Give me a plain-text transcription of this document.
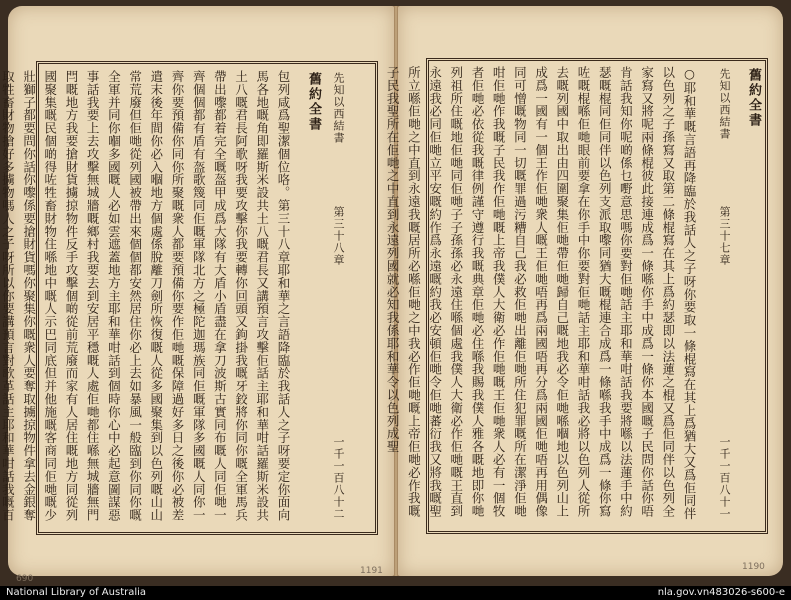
包列咸爲聖潔個位咯。第三十八章耶和華之言語降臨於我話人之子呀要定你面向馬各地嘅角即羅斯米設共土八嘅君長又講預言攻擊佢話主耶和華咁話羅斯米設共土八嘅君長阿歌呀我要攻擊你我要轉你回頭又鉤掛我嘅牙鉸將你同你嘅全軍馬兵帶出嚟都着完全嘅盔甲成爲大隊有大盾小盾盡在拿刀波斯古實同布嘅人同佢哋一齊個個都有盾有盔歌篾同佢嘅軍隊北方之極陀迦瑪族同佢嘅軍隊多國嘅人同你一齊你要預備你同你所聚嘅衆人都要預備你要作佢哋嘅保障過好多日之後你必被差遣末後年間你必入嗰地方個處係脫離刀劍所恢復嘅人從多國聚集到以色列嘅山山常荒廢但佢哋從列國被帶出來個個都安然居住你必上去如暴風一般臨到你同你嘅全軍并同你嗰多國嘅人必如雲遮蓋地方主耶和華咁話到個時你心中必起意圖謀惡事話我要上去攻擊無城牆嘅鄉村我要去到安居平穩嘅人處佢哋都住喺無城牆無門閂嘅地方我要搶財貨擄掠物件反手攻擊個啲從前荒廢而家有人居住嘅地方同從列國聚集嘅民個啲得咗牲畜財物住喺地中嘅人示巴同底但并他施嘅客商同佢哋嘅少壯獅子都要問你話你嚟係要搶財貨嗎你聚集你嘅衆人要奪取擄掠物件拿去金銀奪取牲畜財物搶好多擄物嗎人之子呀所以你要講預言對歌革話主耶和華咁話我嘅百
舊約全書 先知以西結書
第三十八章
一千一百八十二
1191
○耶和華嘅言語再降臨於我話人之子呀你要取一條棍寫在其上爲猶大又爲佢同伴以色列之子孫寫又取第二條棍寫在其上爲約瑟即以法蓮之棍又爲佢同伴以色列全家寫又將呢兩條棍彼此接連成爲一條喺你手中成爲一條你本國嘅子民問你話你唔肯話我知你呢啲係乜嘢意思嗎你要對佢哋話主耶和華咁話我要將喺以法蓮手中約瑟嘅棍同佢同伴以色列支派取嚟同猶大嘅棍連合成爲一條喺我手中成爲一條你寫咗嘅棍喺佢哋眼前要拿在你手中你要對佢哋話主耶和華咁話我必將以色列人從所去嘅列國中取出由四圍聚集佢哋帶佢哋歸自己嘅地我必令佢哋喺嗰地以色列山上成爲一國有一個王作佢哋衆人嘅王佢哋唔再爲兩國唔再分爲兩國佢哋唔再用偶像同可憎嘅物同一切嘅罪過污糟自己我必救佢哋出離佢哋所住犯罪嘅所在潔淨佢哋咁佢哋作我嘅子民我作佢哋嘅上帝我僕人大衛必作佢哋嘅王佢哋衆人必有一個牧者佢哋必依從我嘅律例謹守遵行我嘅典章佢哋必住喺我賜我僕人雅各嘅地即你哋列祖所住嘅地佢哋同佢哋子子孫孫必永遠住喺個處我僕人大衛必作佢哋嘅王直到永遠我必同佢哋立平安嘅約作爲永遠嘅約我必安頓佢哋令佢哋蕃衍我又將我嘅聖所立喺佢哋之中直到永遠我嘅居所必喺佢哋之中我必作佢哋嘅上帝佢哋必作我嘅子民我聖所在佢哋之中直到永遠列國就必知我係耶和華令以色列成聖	舊約全書
先知以西結書
第三十七章
一千一百八十一
1190
690
National Library of Australia	nla.gov.vn483026-s600-e
